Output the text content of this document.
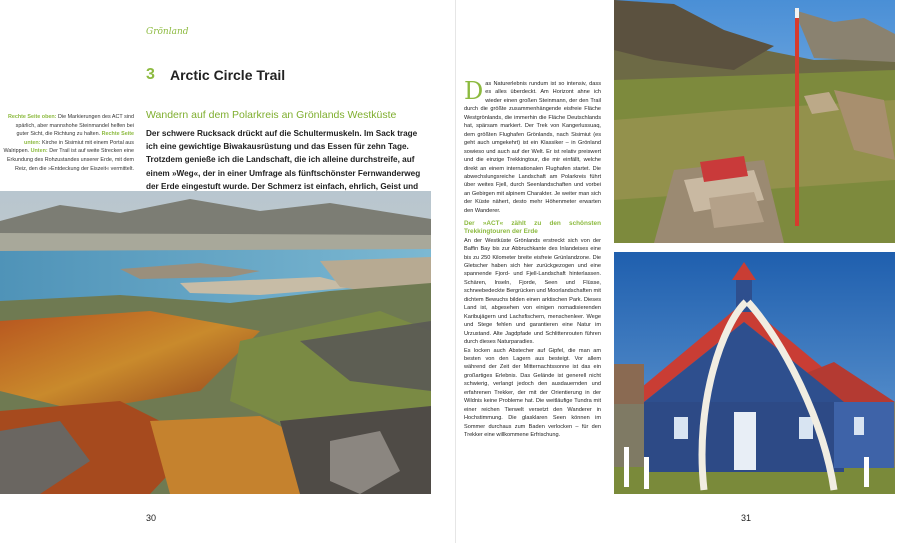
Grönland
3 Arctic Circle Trail
Wandern auf dem Polarkreis an Grönlands Westküste
Der schwere Rucksack drückt auf die Schultermuskeln. Im Sack trage ich eine gewichtige Biwakausrüstung und das Essen für zehn Tage. Trotzdem genieße ich die Landschaft, die ich alleine durchstreife, auf einem »Weg«, der in einer Umfrage als fünftschönster Fernwanderweg der Erde eingestuft wurde. Der Schmerz ist einfach, ehrlich, Geist und
Rechte Seite oben: Die Markierungen des ACT sind spärlich, aber mannshohe Steinmandel helfen bei guter Sicht, die Richtung zu halten. Rechte Seite unten: Kirche in Sisimiut mit einem Portal aus Walrippen. Unten: Der Trail ist auf weite Strecken eine Erkundung des Rohzustandes unserer Erde, mit dem Reiz, den die »Entdeckung der Eiszeit« vermittelt.

Das Naturerlebnis rundum ist so intensiv, dass es alles überdeckt. Am Horizont ahne ich wieder einen großen Steinmann, der den Trail durch die größte zusammenhängende eisfreie Fläche Westgrönlands, die immerhin die Fläche Deutschlands hat, spärsam markiert. Der Trek von Kangerlussuaq, dem größten Flughafen Grönlands, nach Sisimiut (es geht auch umgekehrt) ist ein Klassiker – in Grönland sowieso und auch auf der Welt. Er ist relativ preiswert und die einzige Trekkingtour, die mir einfällt, welche direkt an einem internationalen Flughafen startet. Die abwechslungsreiche Landschaft am Polarkreis führt über weites Fjell, durch Seenlandschaften und vorbei an Gebirgen mit alpinem Charakter. Je weiter man sich der Küste nähert, desto mehr Höhenmeter erwarten den Wanderer.

Der »ACT« zählt zu den schönsten Trekkingtouren der Erde

An der Westküste Grönlands erstreckt sich von der Baffin Bay bis zur Abbruchkante des Inlandeises eine bis zu 250 Kilometer breite eisfreie Grünlandzone. Die Gletscher haben sich hier zurückgezogen und eine spannende Fjord- und Fjell-Landschaft hinterlassen. Schären, Inseln, Fjorde, Seen und Flüsse, schneebedeckte Bergrücken und Moorlandschaften mit dichtem Bewuchs bilden einen arktischen Park. Dieses Land ist, abgesehen von einigen nomadisierenden Karibujägern und Lachsfischern, menschenleer. Wege und Stege fehlen und garantieren eine Natur im Urzustand. Alte Jagdpfade und Schlittenrouten führen durch dieses Naturparadies.

Es locken auch Abstecher auf Gipfel, die man am besten von den Lagern aus besteigt. Vor allem während der Zeit der Mitternachtssonne ist das ein großartiges Erlebnis. Das Gelände ist generell nicht schwierig, verlangt jedoch den ausdauernden und erfahrenen Trekker, der mit der Orientierung in der Wildnis keine Probleme hat. Die weitläufige Tundra mit einer reichen Tierwelt versetzt den Wanderer in Hochstimmung. Die glasklaren Seen können im Sommer durchaus zum Baden verlocken – für den Trekker eine willkommene Erfrischung.

30	31
